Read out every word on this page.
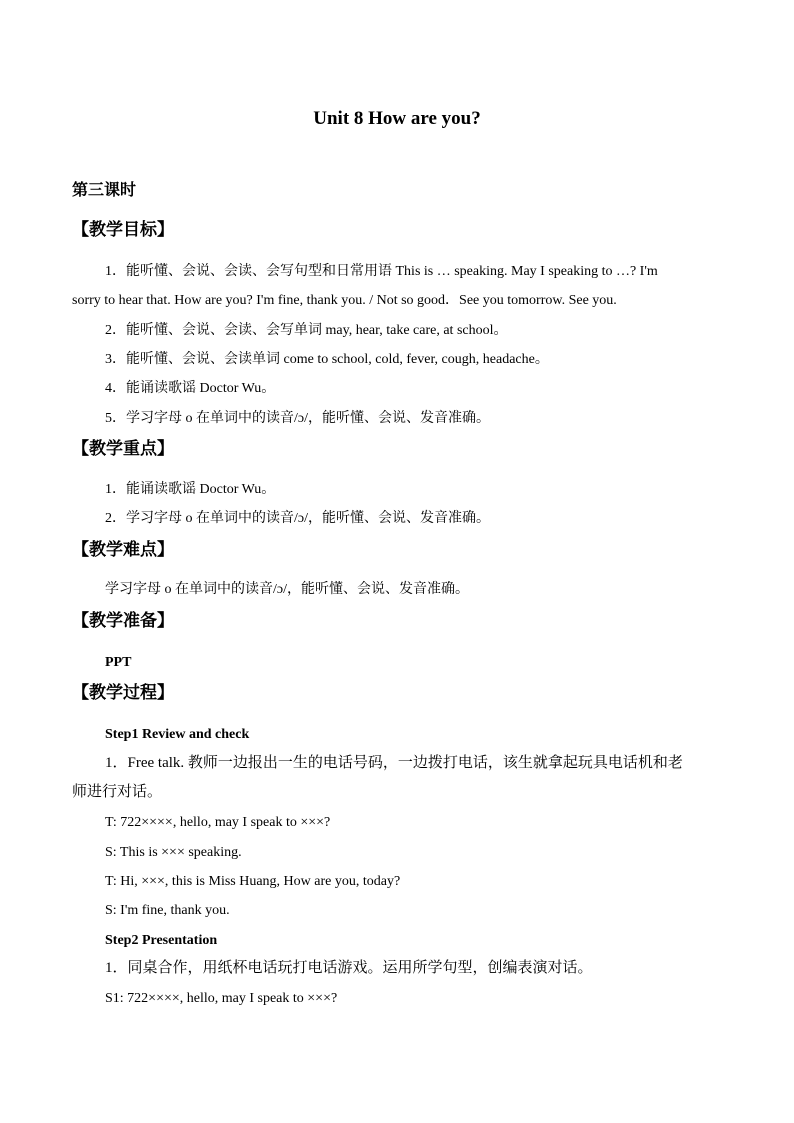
Unit 8 How are you?
第三课时
【教学目标】
1．能听懂、会说、会读、会写句型和日常用语 This is … speaking. May I speaking to …? I'm
sorry to hear that. How are you? I'm fine, thank you. / Not so good．See you tomorrow. See you.
2．能听懂、会说、会读、会写单词 may, hear, take care, at school。
3．能听懂、会说、会读单词 come to school, cold, fever, cough, headache。
4．能诵读歌谣 Doctor Wu。
5．学习字母 o 在单词中的读音/ɔ/，能听懂、会说、发音准确。
【教学重点】
1．能诵读歌谣 Doctor Wu。
2．学习字母 o 在单词中的读音/ɔ/，能听懂、会说、发音准确。
【教学难点】
学习字母 o 在单词中的读音/ɔ/，能听懂、会说、发音准确。
【教学准备】
PPT
【教学过程】
Step1 Review and check
1．Free talk. 教师一边报出一生的电话号码，一边拨打电话，该生就拿起玩具电话机和老
师进行对话。
T: 722××××, hello, may I speak to ×××?
S: This is ××× speaking.
T: Hi, ×××, this is Miss Huang, How are you, today?
S: I'm fine, thank you.
Step2 Presentation
1．同桌合作，用纸杯电话玩打电话游戏。运用所学句型，创编表演对话。
S1: 722××××, hello, may I speak to ×××?
